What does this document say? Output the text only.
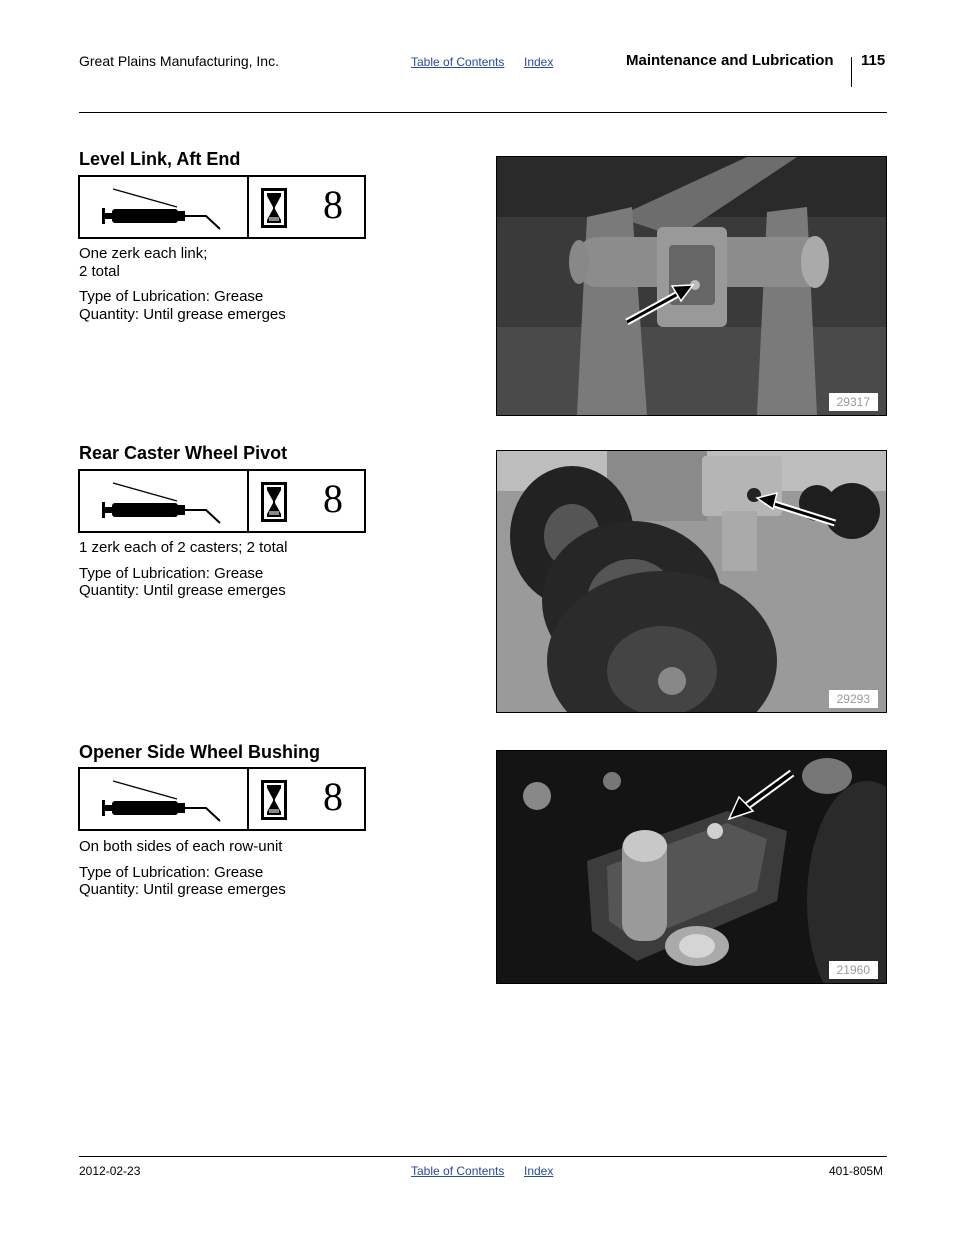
Great Plains Manufacturing, Inc.	Table of Contents Index	Maintenance and Lubrication 115
Level Link, Aft End
8

One zerk each link;

2 total

Type of Lubrication: Grease

Quantity: Until grease emerges

29317
Rear Caster Wheel Pivot
8

1 zerk each of 2 casters; 2 total

Type of Lubrication: Grease

Quantity: Until grease emerges

29293
Opener Side Wheel Bushing
8

On both sides of each row-unit

Type of Lubrication: Grease

Quantity: Until grease emerges

21960
2012-02-23	Table of Contents Index	401-805M
